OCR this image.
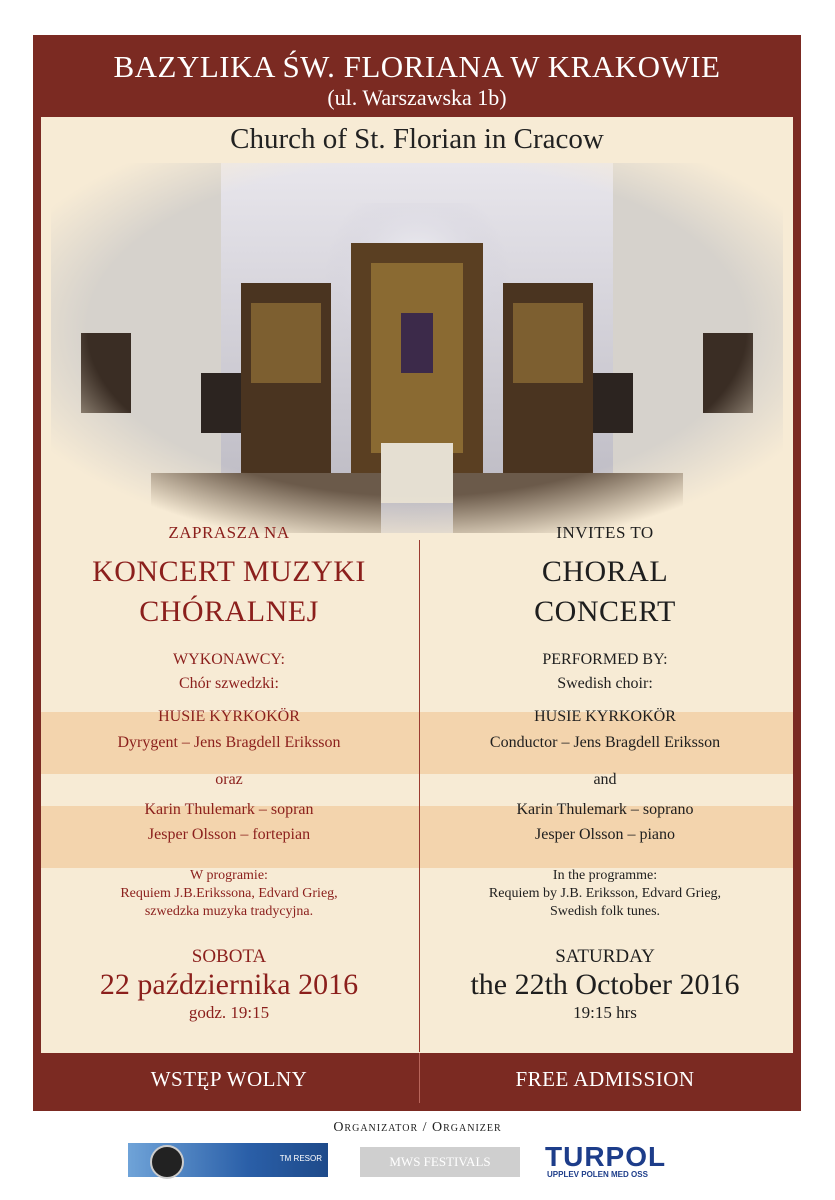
BAZYLIKA ŚW. FLORIANA W KRAKOWIE
(ul. Warszawska 1b)
Church of St. Florian in Cracow
ZAPRASZA NA
KONCERT MUZYKI
CHÓRALNEJ
WYKONAWCY:
Chór szwedzki:
HUSIE KYRKOKÖR
Dyrygent – Jens Bragdell Eriksson
oraz
Karin Thulemark – sopran
Jesper Olsson – fortepian
W programie:
Requiem J.B.Erikssona, Edvard Grieg,
szwedzka muzyka tradycyjna.
SOBOTA
22 października 2016
godz. 19:15
INVITES TO
CHORAL
CONCERT
PERFORMED BY:
Swedish choir:
HUSIE KYRKOKÖR
Conductor – Jens Bragdell Eriksson
and
Karin Thulemark – soprano
Jesper Olsson – piano
In the programme:
Requiem by J.B. Eriksson, Edvard Grieg,
Swedish folk tunes.
SATURDAY
the 22th October 2016
19:15 hrs
WSTĘP WOLNY	FREE ADMISSION
Organizator / Organizer
TM RESOR	MWS FESTIVALS	TURPOL
UPPLEV POLEN MED OSS
